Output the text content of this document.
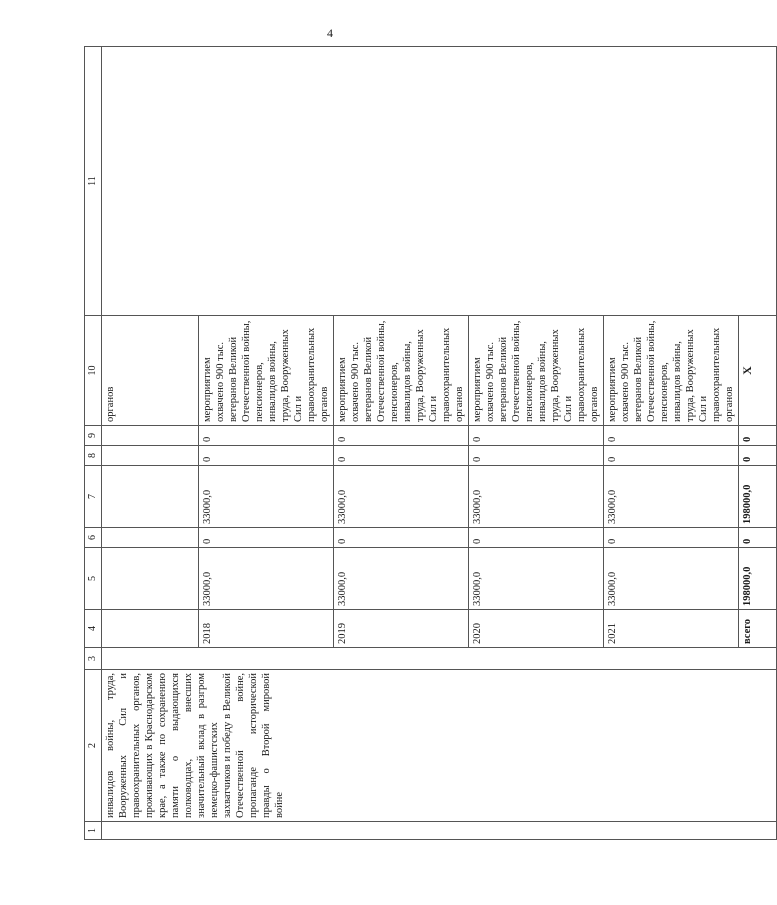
4
1	2	3	4	5	6	7	8	9	10	11
	инвалидов войны, труда, Вооруженных Сил и правоохранительных органов, проживающих в Краснодарском крае, а также по сохранению памяти о выдающихся полководцах, внесших значительный вклад в разгром немецко-фашистских захватчиков и победу в Великой Отечественной войне, пропаганде исторической правды о Второй мировой войне								органов	
			2018	33000,0	0	33000,0	0	0	мероприятием охвачено 900 тыс. ветеранов Великой Отечественной войны, пенсионеров, инвалидов войны, труда, Вооруженных Сил и правоохранительных органов	
			2019	33000,0	0	33000,0	0	0	мероприятием охвачено 900 тыс. ветеранов Великой Отечественной войны, пенсионеров, инвалидов войны, труда, Вооруженных Сил и правоохранительных органов	
			2020	33000,0	0	33000,0	0	0	мероприятием охвачено 900 тыс. ветеранов Великой Отечественной войны, пенсионеров, инвалидов войны, труда, Вооруженных Сил и правоохранительных органов	
			2021	33000,0	0	33000,0	0	0	мероприятием охвачено 900 тыс. ветеранов Великой Отечественной войны, пенсионеров, инвалидов войны, труда, Вооруженных Сил и правоохранительных органов	
			всего	198000,0	0	198000,0	0	0	Х	
